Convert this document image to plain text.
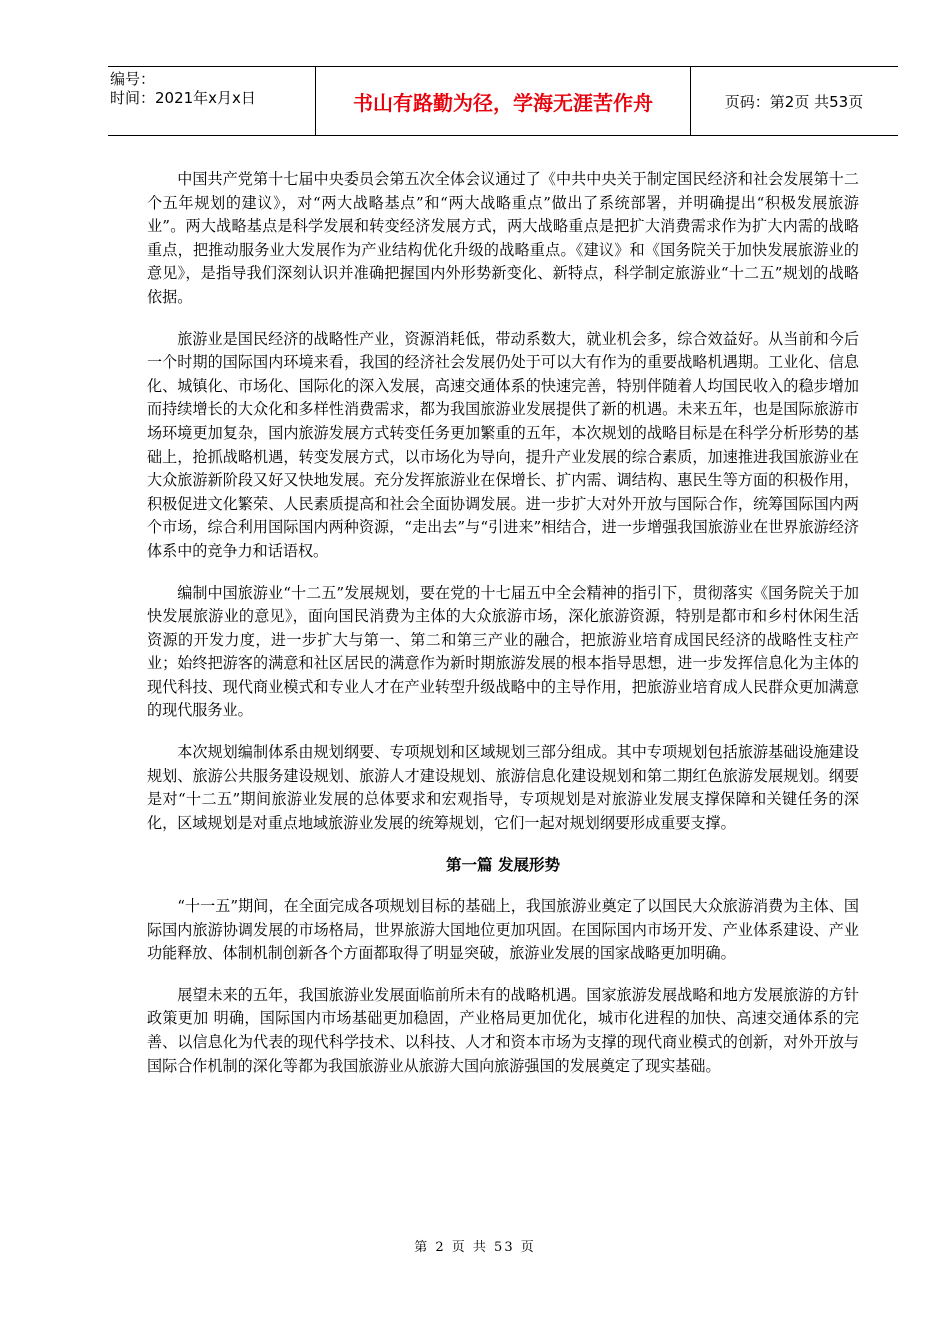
编号：
时间：2021年x月x日	书山有路勤为径，学海无涯苦作舟	页码：第2页 共53页

中国共产党第十七届中央委员会第五次全体会议通过了《中共中央关于制定国民经济和社会发展第十二个五年规划的建议》，对“两大战略基点”和“两大战略重点”做出了系统部署，并明确提出“积极发展旅游业”。两大战略基点是科学发展和转变经济发展方式，两大战略重点是把扩大消费需求作为扩大内需的战略重点，把推动服务业大发展作为产业结构优化升级的战略重点。《建议》和《国务院关于加快发展旅游业的意见》，是指导我们深刻认识并准确把握国内外形势新变化、新特点，科学制定旅游业“十二五”规划的战略依据。

旅游业是国民经济的战略性产业，资源消耗低，带动系数大，就业机会多，综合效益好。从当前和今后一个时期的国际国内环境来看，我国的经济社会发展仍处于可以大有作为的重要战略机遇期。工业化、信息化、城镇化、市场化、国际化的深入发展，高速交通体系的快速完善，特别伴随着人均国民收入的稳步增加而持续增长的大众化和多样性消费需求，都为我国旅游业发展提供了新的机遇。未来五年，也是国际旅游市场环境更加复杂，国内旅游发展方式转变任务更加繁重的五年，本次规划的战略目标是在科学分析形势的基础上，抢抓战略机遇，转变发展方式，以市场化为导向，提升产业发展的综合素质，加速推进我国旅游业在大众旅游新阶段又好又快地发展。充分发挥旅游业在保增长、扩内需、调结构、惠民生等方面的积极作用，积极促进文化繁荣、人民素质提高和社会全面协调发展。进一步扩大对外开放与国际合作，统筹国际国内两个市场，综合利用国际国内两种资源，“走出去”与“引进来”相结合，进一步增强我国旅游业在世界旅游经济体系中的竞争力和话语权。

编制中国旅游业“十二五”发展规划，要在党的十七届五中全会精神的指引下，贯彻落实《国务院关于加快发展旅游业的意见》，面向国民消费为主体的大众旅游市场，深化旅游资源，特别是都市和乡村休闲生活资源的开发力度，进一步扩大与第一、第二和第三产业的融合，把旅游业培育成国民经济的战略性支柱产业；始终把游客的满意和社区居民的满意作为新时期旅游发展的根本指导思想，进一步发挥信息化为主体的现代科技、现代商业模式和专业人才在产业转型升级战略中的主导作用，把旅游业培育成人民群众更加满意的现代服务业。

本次规划编制体系由规划纲要、专项规划和区域规划三部分组成。其中专项规划包括旅游基础设施建设规划、旅游公共服务建设规划、旅游人才建设规划、旅游信息化建设规划和第二期红色旅游发展规划。纲要是对“十二五”期间旅游业发展的总体要求和宏观指导，专项规划是对旅游业发展支撑保障和关键任务的深化，区域规划是对重点地域旅游业发展的统筹规划，它们一起对规划纲要形成重要支撑。

第一篇 发展形势

“十一五”期间，在全面完成各项规划目标的基础上，我国旅游业奠定了以国民大众旅游消费为主体、国际国内旅游协调发展的市场格局，世界旅游大国地位更加巩固。在国际国内市场开发、产业体系建设、产业功能释放、体制机制创新各个方面都取得了明显突破，旅游业发展的国家战略更加明确。

展望未来的五年，我国旅游业发展面临前所未有的战略机遇。国家旅游发展战略和地方发展旅游的方针政策更加 明确，国际国内市场基础更加稳固，产业格局更加优化，城市化进程的加快、高速交通体系的完善、以信息化为代表的现代科学技术、以科技、人才和资本市场为支撑的现代商业模式的创新，对外开放与国际合作机制的深化等都为我国旅游业从旅游大国向旅游强国的发展奠定了现实基础。

第 2 页 共 53 页
